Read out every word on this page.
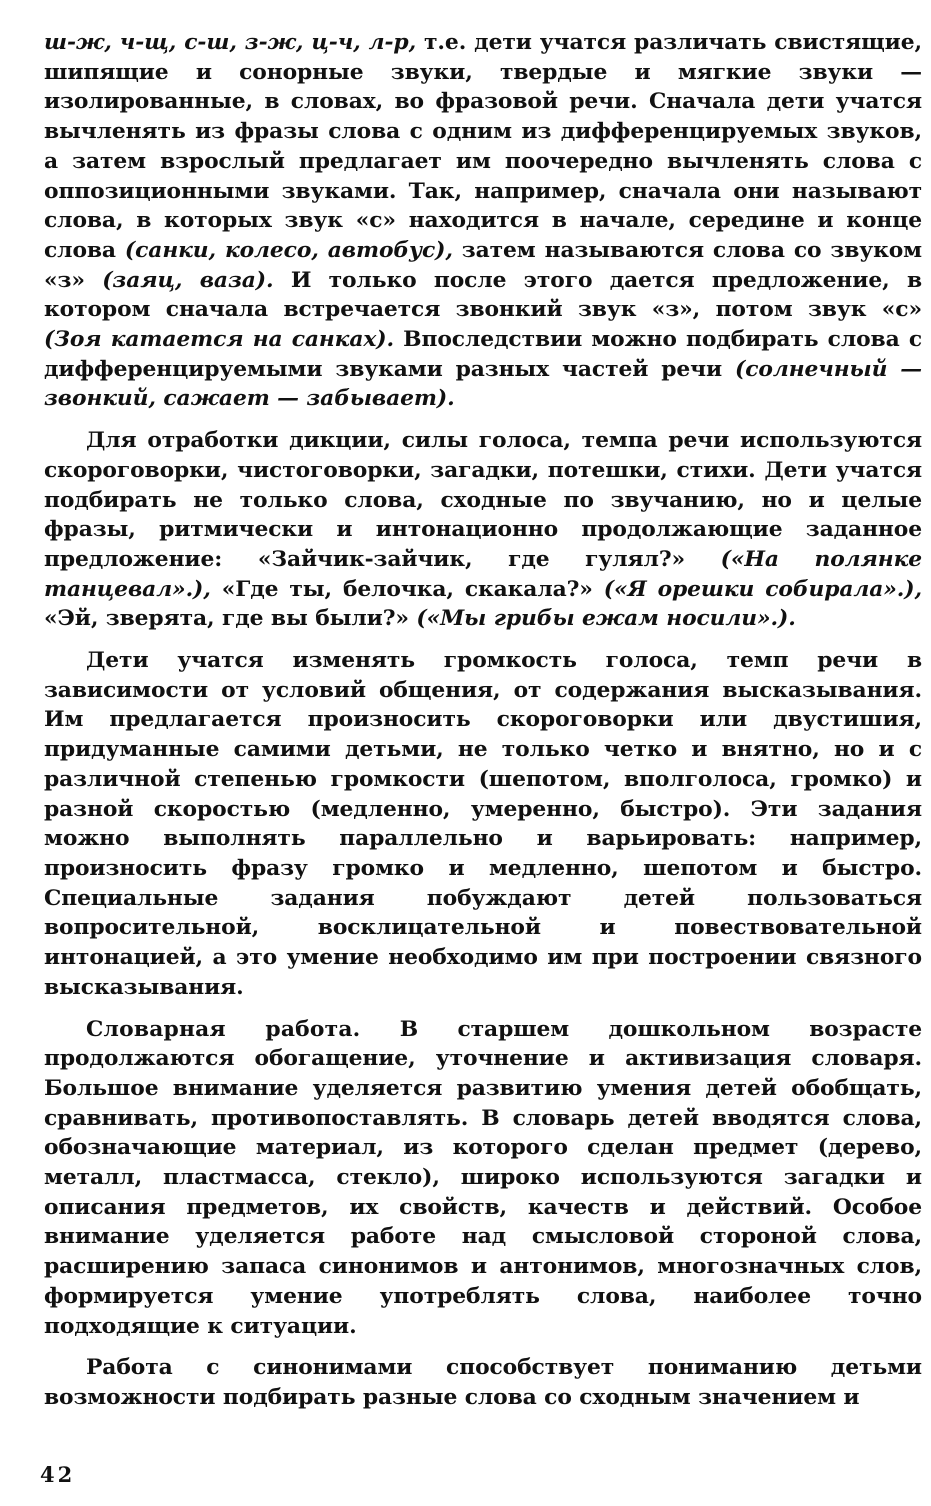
ш-ж, ч-щ, с-ш, з-ж, ц-ч, л-р, т.е. дети учатся различать свистящие, шипящие и сонорные звуки, твердые и мягкие звуки — изолированные, в словах, во фразовой речи. Сначала дети учатся вычленять из фразы слова с одним из дифференцируемых звуков, а затем взрослый предлагает им поочередно вычленять слова с оппозиционными звуками. Так, например, сначала они называют слова, в которых звук «с» находится в начале, середине и конце слова (санки, колесо, автобус), затем называются слова со звуком «з» (заяц, ваза). И только после этого дается предложение, в котором сначала встречается звонкий звук «з», потом звук «с» (Зоя катается на санках). Впоследствии можно подбирать слова с дифференцируемыми звуками разных частей речи (солнечный — звонкий, сажает — забывает).

Для отработки дикции, силы голоса, темпа речи используются скороговорки, чистоговорки, загадки, потешки, стихи. Дети учатся подбирать не только слова, сходные по звучанию, но и целые фразы, ритмически и интонационно продолжающие заданное предложение: «Зайчик-зайчик, где гулял?» («На полянке танцевал».), «Где ты, белочка, скакала?» («Я орешки собирала».), «Эй, зверята, где вы были?» («Мы грибы ежам носили».).

Дети учатся изменять громкость голоса, темп речи в зависимости от условий общения, от содержания высказывания. Им предлагается произносить скороговорки или двустишия, придуманные самими детьми, не только четко и внятно, но и с различной степенью громкости (шепотом, вполголоса, громко) и разной скоростью (медленно, умеренно, быстро). Эти задания можно выполнять параллельно и варьировать: например, произносить фразу громко и медленно, шепотом и быстро. Специальные задания побуждают детей пользоваться вопросительной, восклицательной и повествовательной интонацией, а это умение необходимо им при построении связного высказывания.

Словарная работа. В старшем дошкольном возрасте продолжаются обогащение, уточнение и активизация словаря. Большое внимание уделяется развитию умения детей обобщать, сравнивать, противопоставлять. В словарь детей вводятся слова, обозначающие материал, из которого сделан предмет (дерево, металл, пластмасса, стекло), широко используются загадки и описания предметов, их свойств, качеств и действий. Особое внимание уделяется работе над смысловой стороной слова, расширению запаса синонимов и антонимов, многозначных слов, формируется умение употреблять слова, наиболее точно подходящие к ситуации.

Работа с синонимами способствует пониманию детьми возможности подбирать разные слова со сходным значением и

42
